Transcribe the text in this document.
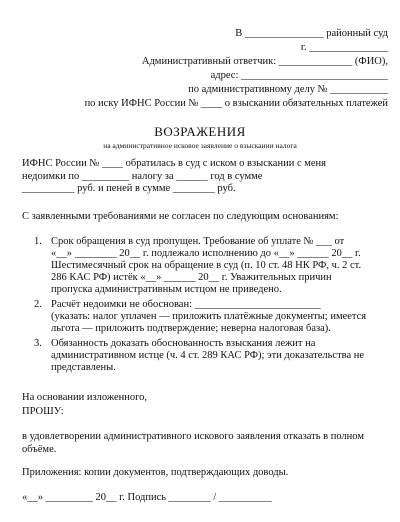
В _______________ районный суд
г. _______________
Административный ответчик: ______________ (ФИО),
адрес: ____________________________
по административному делу № ___________
по иску ИФНС России № ____ о взыскании обязательных платежей
ВОЗРАЖЕНИЯ
на административное исковое заявление о взыскании налога
ИФНС России № ____ обратилась в суд с иском о взыскании с меня
недоимки по _________ налогу за ______ год в сумме
__________ руб. и пеней в сумме ________ руб.
С заявленными требованиями не согласен по следующим основаниям:
1. Срок обращения в суд пропущен. Требование об уплате № ___ от
«__» ________ 20__ г. подлежало исполнению до «__» ______ 20__ г.
Шестимесячный срок на обращение в суд (п. 10 ст. 48 НК РФ, ч. 2 ст.
286 КАС РФ) истёк «__» ______ 20__ г. Уважительных причин
пропуска административным истцом не приведено.
2. Расчёт недоимки не обоснован: ________________________
(указать: налог уплачен — приложить платёжные документы; имеется
льгота — приложить подтверждение; неверна налоговая база).
3. Обязанность доказать обоснованность взыскания лежит на
административном истце (ч. 4 ст. 289 КАС РФ); эти доказательства не
представлены.
На основании изложенного,
ПРОШУ:
в удовлетворении административного искового заявления отказать в полном
объёме.
Приложения: копии документов, подтверждающих доводы.
«__» _________ 20__ г. Подпись ________ / __________
